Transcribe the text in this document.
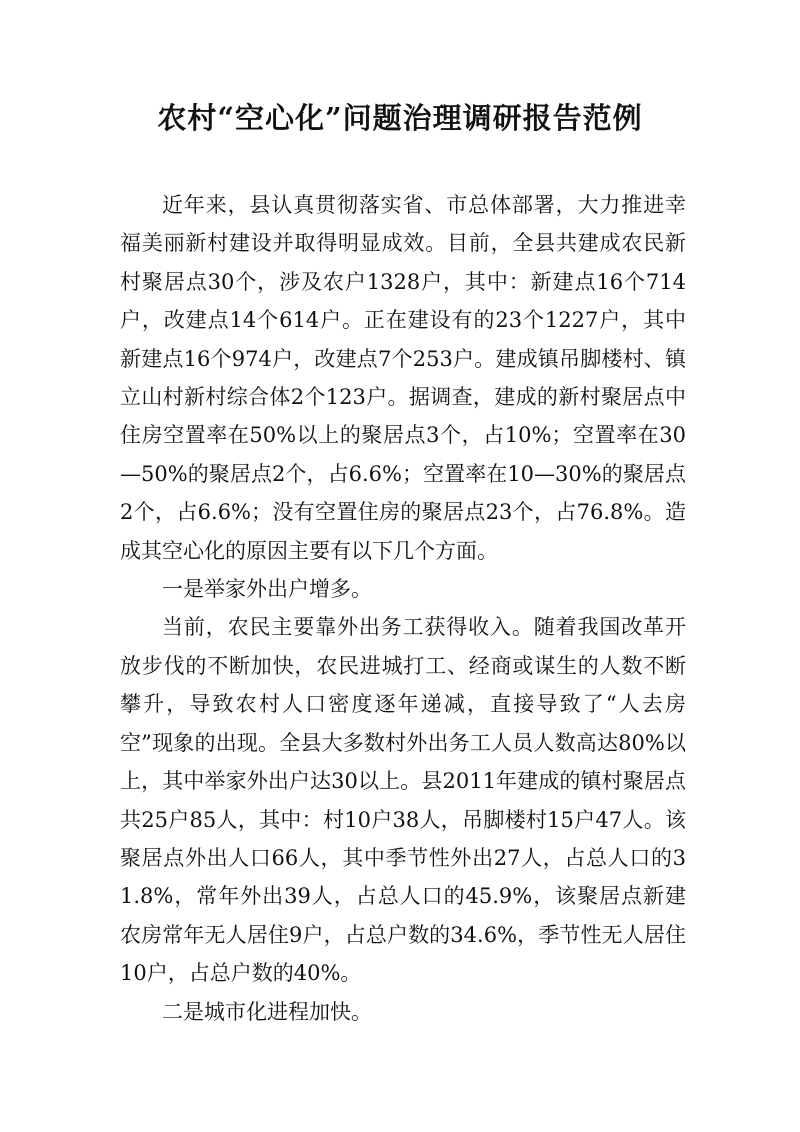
农村“空心化”问题治理调研报告范例

近年来，县认真贯彻落实省、市总体部署，大力推进幸福美丽新村建设并取得明显成效。目前，全县共建成农民新村聚居点30个，涉及农户1328户，其中：新建点16个714户，改建点14个614户。正在建设有的23个1227户，其中新建点16个974户，改建点7个253户。建成镇吊脚楼村、镇立山村新村综合体2个123户。据调查，建成的新村聚居点中住房空置率在50%以上的聚居点3个，占10%；空置率在30—50%的聚居点2个，占6.6%；空置率在10—30%的聚居点2个，占6.6%；没有空置住房的聚居点23个，占76.8%。造成其空心化的原因主要有以下几个方面。

一是举家外出户增多。

当前，农民主要靠外出务工获得收入。随着我国改革开放步伐的不断加快，农民进城打工、经商或谋生的人数不断攀升，导致农村人口密度逐年递减，直接导致了“人去房空”现象的出现。全县大多数村外出务工人员人数高达80%以上，其中举家外出户达30以上。县2011年建成的镇村聚居点共25户85人，其中：村10户38人，吊脚楼村15户47人。该聚居点外出人口66人，其中季节性外出27人，占总人口的31.8%，常年外出39人，占总人口的45.9%，该聚居点新建农房常年无人居住9户，占总户数的34.6%，季节性无人居住10户，占总户数的40%。

二是城市化进程加快。
